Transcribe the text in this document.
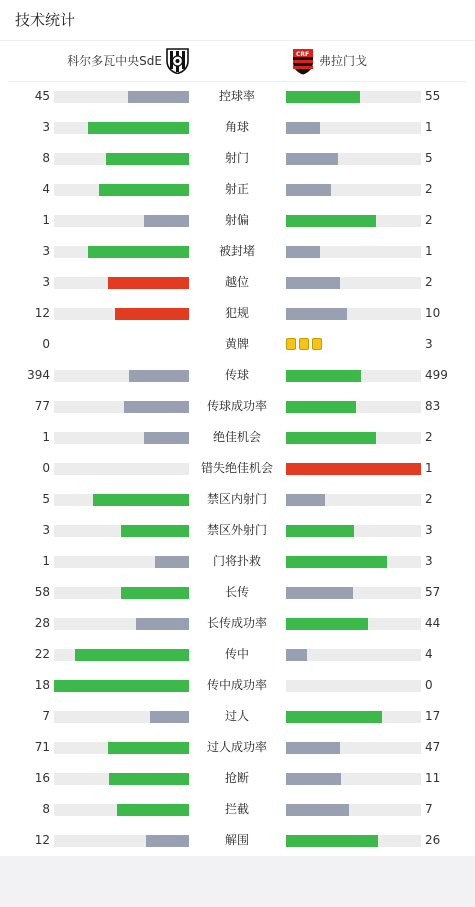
技术统计
科尔多瓦中央SdE	CRF 弗拉门戈
45	控球率	55
3	角球	1
8	射门	5
4	射正	2
1	射偏	2
3	被封堵	1
3	越位	2
12	犯规	10
0	黄牌	3
394	传球	499
77	传球成功率	83
1	绝佳机会	2
0	错失绝佳机会	1
5	禁区内射门	2
3	禁区外射门	3
1	门将扑救	3
58	长传	57
28	长传成功率	44
22	传中	4
18	传中成功率	0
7	过人	17
71	过人成功率	47
16	抢断	11
8	拦截	7
12	解围	26
